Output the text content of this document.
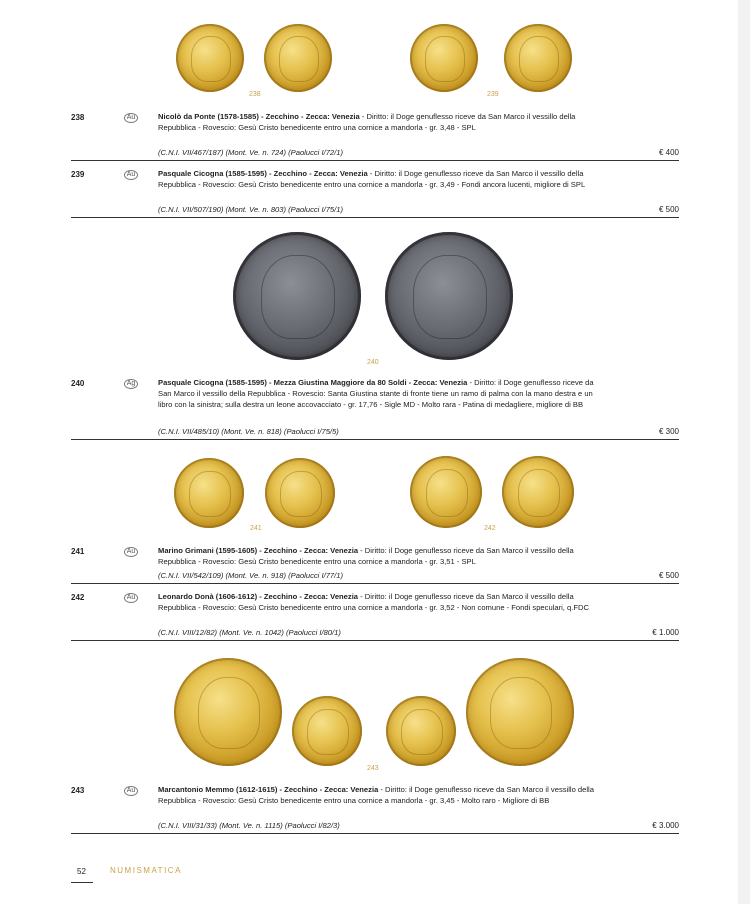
238	239
238	Au	Nicolò da Ponte (1578-1585) - Zecchino - Zecca: Venezia - Diritto: il Doge genuflesso riceve da San Marco il vessillo della Repubblica - Rovescio: Gesù Cristo benedicente entro una cornice a mandorla - gr. 3,48 - SPL
(C.N.I. VII/467/187) (Mont. Ve. n. 724) (Paolucci I/72/1)	€ 400
239	Au	Pasquale Cicogna (1585-1595) - Zecchino - Zecca: Venezia - Diritto: il Doge genuflesso riceve da San Marco il vessillo della Repubblica - Rovescio: Gesù Cristo benedicente entro una cornice a mandorla - gr. 3,49 - Fondi ancora lucenti, migliore di SPL
(C.N.I. VII/507/190) (Mont. Ve. n. 803) (Paolucci I/75/1)	€ 500
240
240	Ag	Pasquale Cicogna (1585-1595) - Mezza Giustina Maggiore da 80 Soldi - Zecca: Venezia - Diritto: il Doge genuflesso riceve da San Marco il vessillo della Repubblica - Rovescio: Santa Giustina stante di fronte tiene un ramo di palma con la mano destra e un libro con la sinistra; sulla destra un leone accovacciato - gr. 17,76 - Sigle MD - Molto rara - Patina di medagliere, migliore di BB
(C.N.I. VII/485/10) (Mont. Ve. n. 818) (Paolucci I/75/5)	€ 300
241	242
241	Au	Marino Grimani (1595-1605) - Zecchino - Zecca: Venezia - Diritto: il Doge genuflesso riceve da San Marco il vessillo della Repubblica - Rovescio: Gesù Cristo benedicente entro una cornice a mandorla - gr. 3,51 - SPL
(C.N.I. VII/542/109) (Mont. Ve. n. 918) (Paolucci I/77/1)	€ 500
242	Au	Leonardo Donà (1606-1612) - Zecchino - Zecca: Venezia - Diritto: il Doge genuflesso riceve da San Marco il vessillo della Repubblica - Rovescio: Gesù Cristo benedicente entro una cornice a mandorla - gr. 3,52 - Non comune - Fondi speculari, q.FDC
(C.N.I. VIII/12/82) (Mont. Ve. n. 1042) (Paolucci I/80/1)	€ 1.000
243
243	Au	Marcantonio Memmo (1612-1615) - Zecchino - Zecca: Venezia - Diritto: il Doge genuflesso riceve da San Marco il vessillo della Repubblica - Rovescio: Gesù Cristo benedicente entro una cornice a mandorla - gr. 3,45 - Molto raro - Migliore di BB
(C.N.I. VIII/31/33) (Mont. Ve. n. 1115) (Paolucci I/82/3)	€ 3.000
52	NUMISMATICA
